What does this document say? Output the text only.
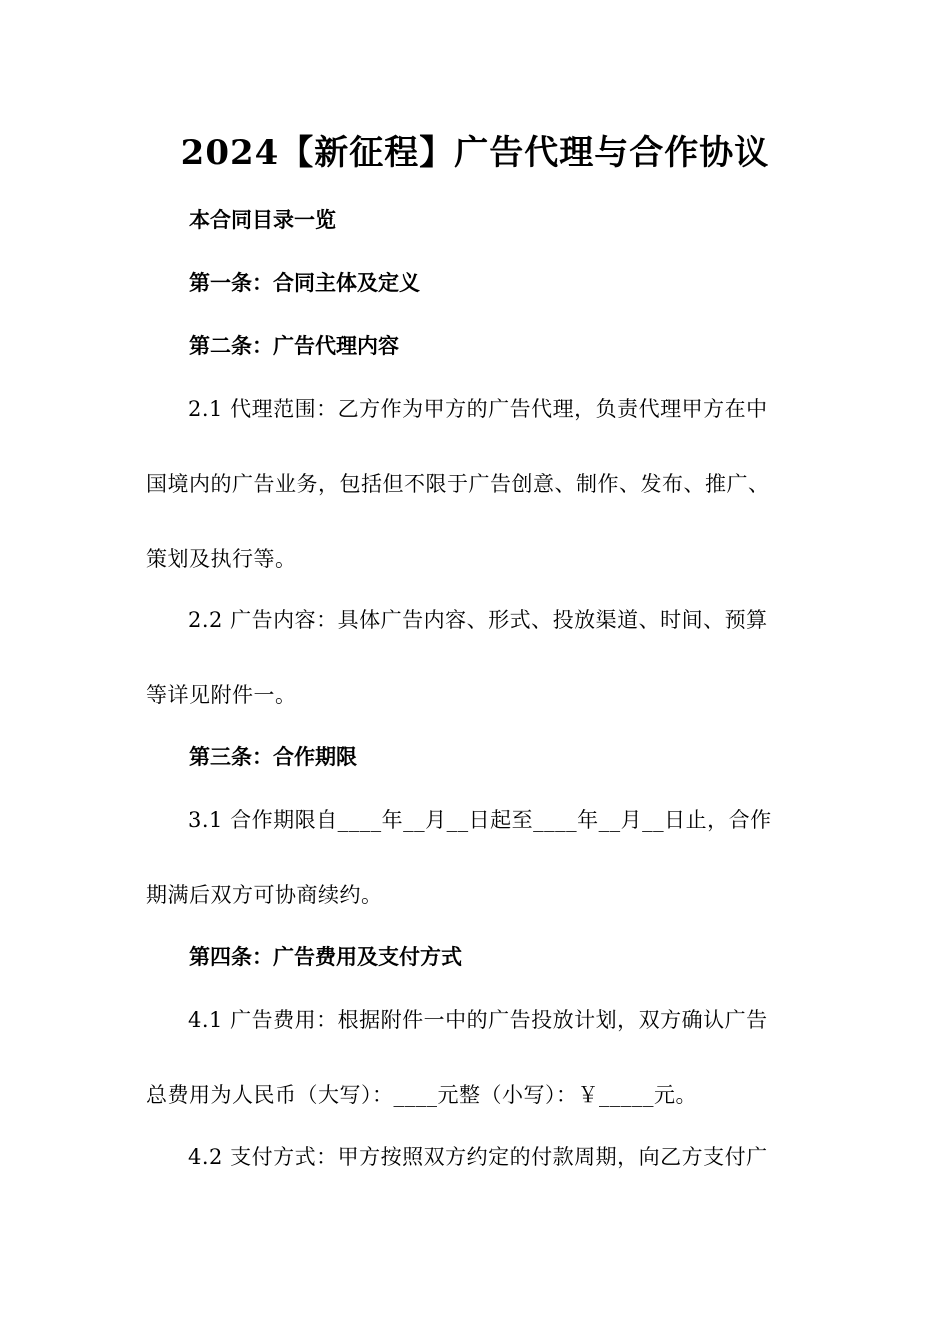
2024【新征程】广告代理与合作协议
本合同目录一览
第一条：合同主体及定义
第二条：广告代理内容
2.1 代理范围：乙方作为甲方的广告代理，负责代理甲方在中
国境内的广告业务，包括但不限于广告创意、制作、发布、推广、
策划及执行等。
2.2 广告内容：具体广告内容、形式、投放渠道、时间、预算
等详见附件一。
第三条：合作期限
3.1 合作期限自____年__月__日起至____年__月__日止，合作
期满后双方可协商续约。
第四条：广告费用及支付方式
4.1 广告费用：根据附件一中的广告投放计划，双方确认广告
总费用为人民币（大写）：____元整（小写）：￥_____元。
4.2 支付方式：甲方按照双方约定的付款周期，向乙方支付广
